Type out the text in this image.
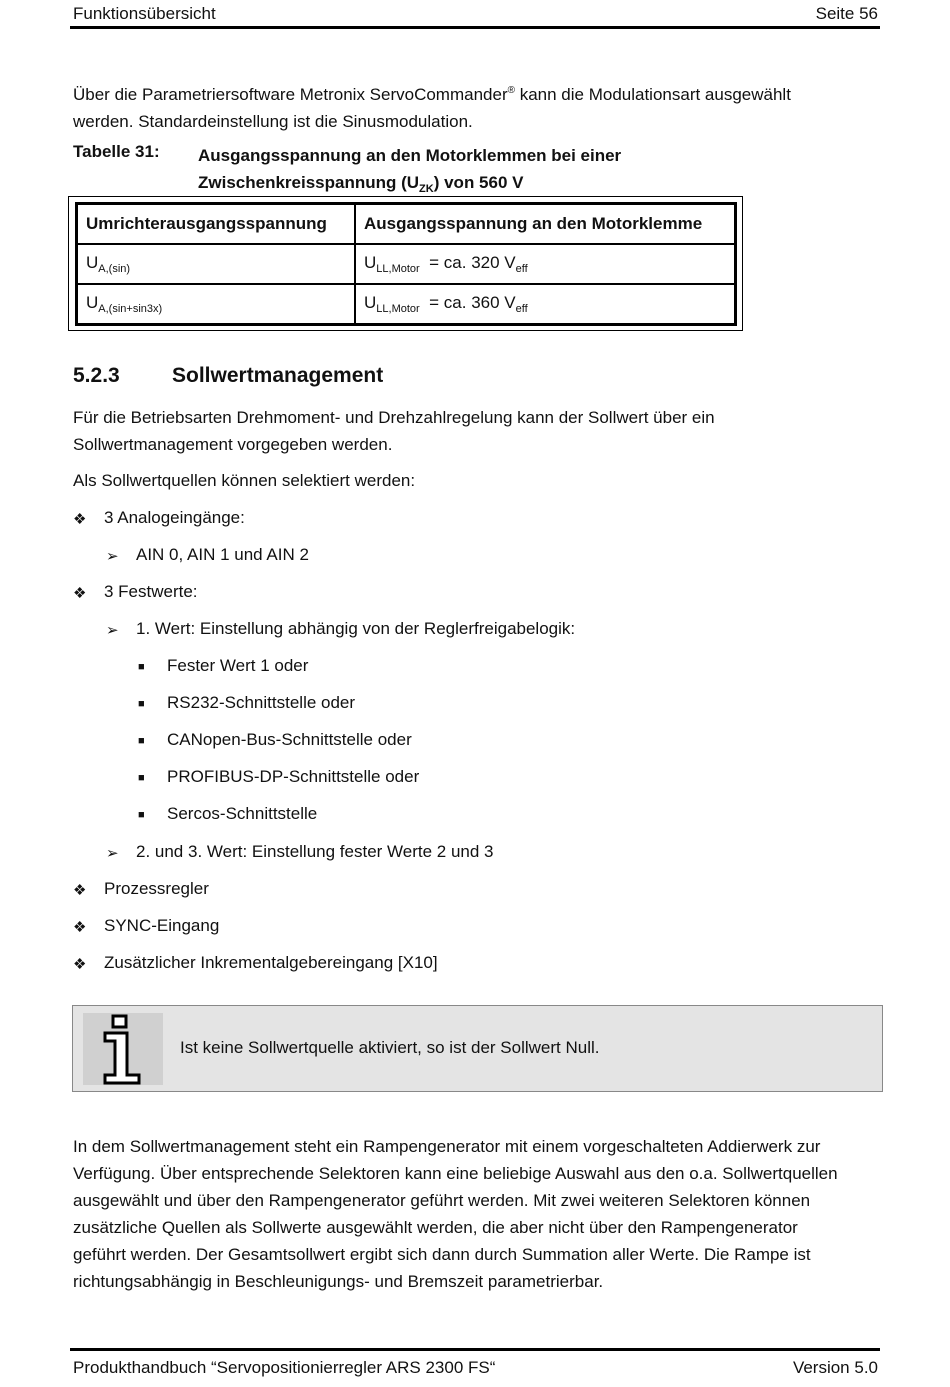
Funktionsübersicht	Seite 56
Über die Parametriersoftware Metronix ServoCommander® kann die Modulationsart ausgewählt
werden. Standardeinstellung ist die Sinusmodulation.
Tabelle 31: Ausgangsspannung an den Motorklemmen bei einer
Zwischenkreisspannung $(U_{ZK})$ von 560 V
Umrichterausgangsspannung	Ausgangsspannung an den Motorklemme
$U_{A,(sin)}$	$U_{LL,Motor}$  = ca. 320 $V_{eff}$
$U_{A,(sin+sin3x)}$	$U_{LL,Motor}$  = ca. 360 $V_{eff}$
5.2.3 Sollwertmanagement
Für die Betriebsarten Drehmoment- und Drehzahlregelung kann der Sollwert über ein
Sollwertmanagement vorgegeben werden.
Als Sollwertquellen können selektiert werden:
❖ 3 Analogeingänge:
➢ AIN 0, AIN 1 und AIN 2
❖ 3 Festwerte:
➢ 1. Wert: Einstellung abhängig von der Reglerfreigabelogik:
■ Fester Wert 1 oder
■ RS232-Schnittstelle oder
■ CANopen-Bus-Schnittstelle oder
■ PROFIBUS-DP-Schnittstelle oder
■ Sercos-Schnittstelle
➢ 2. und 3. Wert: Einstellung fester Werte 2 und 3
❖ Prozessregler
❖ SYNC-Eingang
❖ Zusätzlicher Inkrementalgebereingang [X10]
Ist keine Sollwertquelle aktiviert, so ist der Sollwert Null.
In dem Sollwertmanagement steht ein Rampengenerator mit einem vorgeschalteten Addierwerk zur
Verfügung. Über entsprechende Selektoren kann eine beliebige Auswahl aus den o.a. Sollwertquellen
ausgewählt und über den Rampengenerator geführt werden. Mit zwei weiteren Selektoren können
zusätzliche Quellen als Sollwerte ausgewählt werden, die aber nicht über den Rampengenerator
geführt werden. Der Gesamtsollwert ergibt sich dann durch Summation aller Werte. Die Rampe ist
richtungsabhängig in Beschleunigungs- und Bremszeit parametrierbar.
Produkthandbuch “Servopositionierregler ARS 2300 FS“	Version 5.0
